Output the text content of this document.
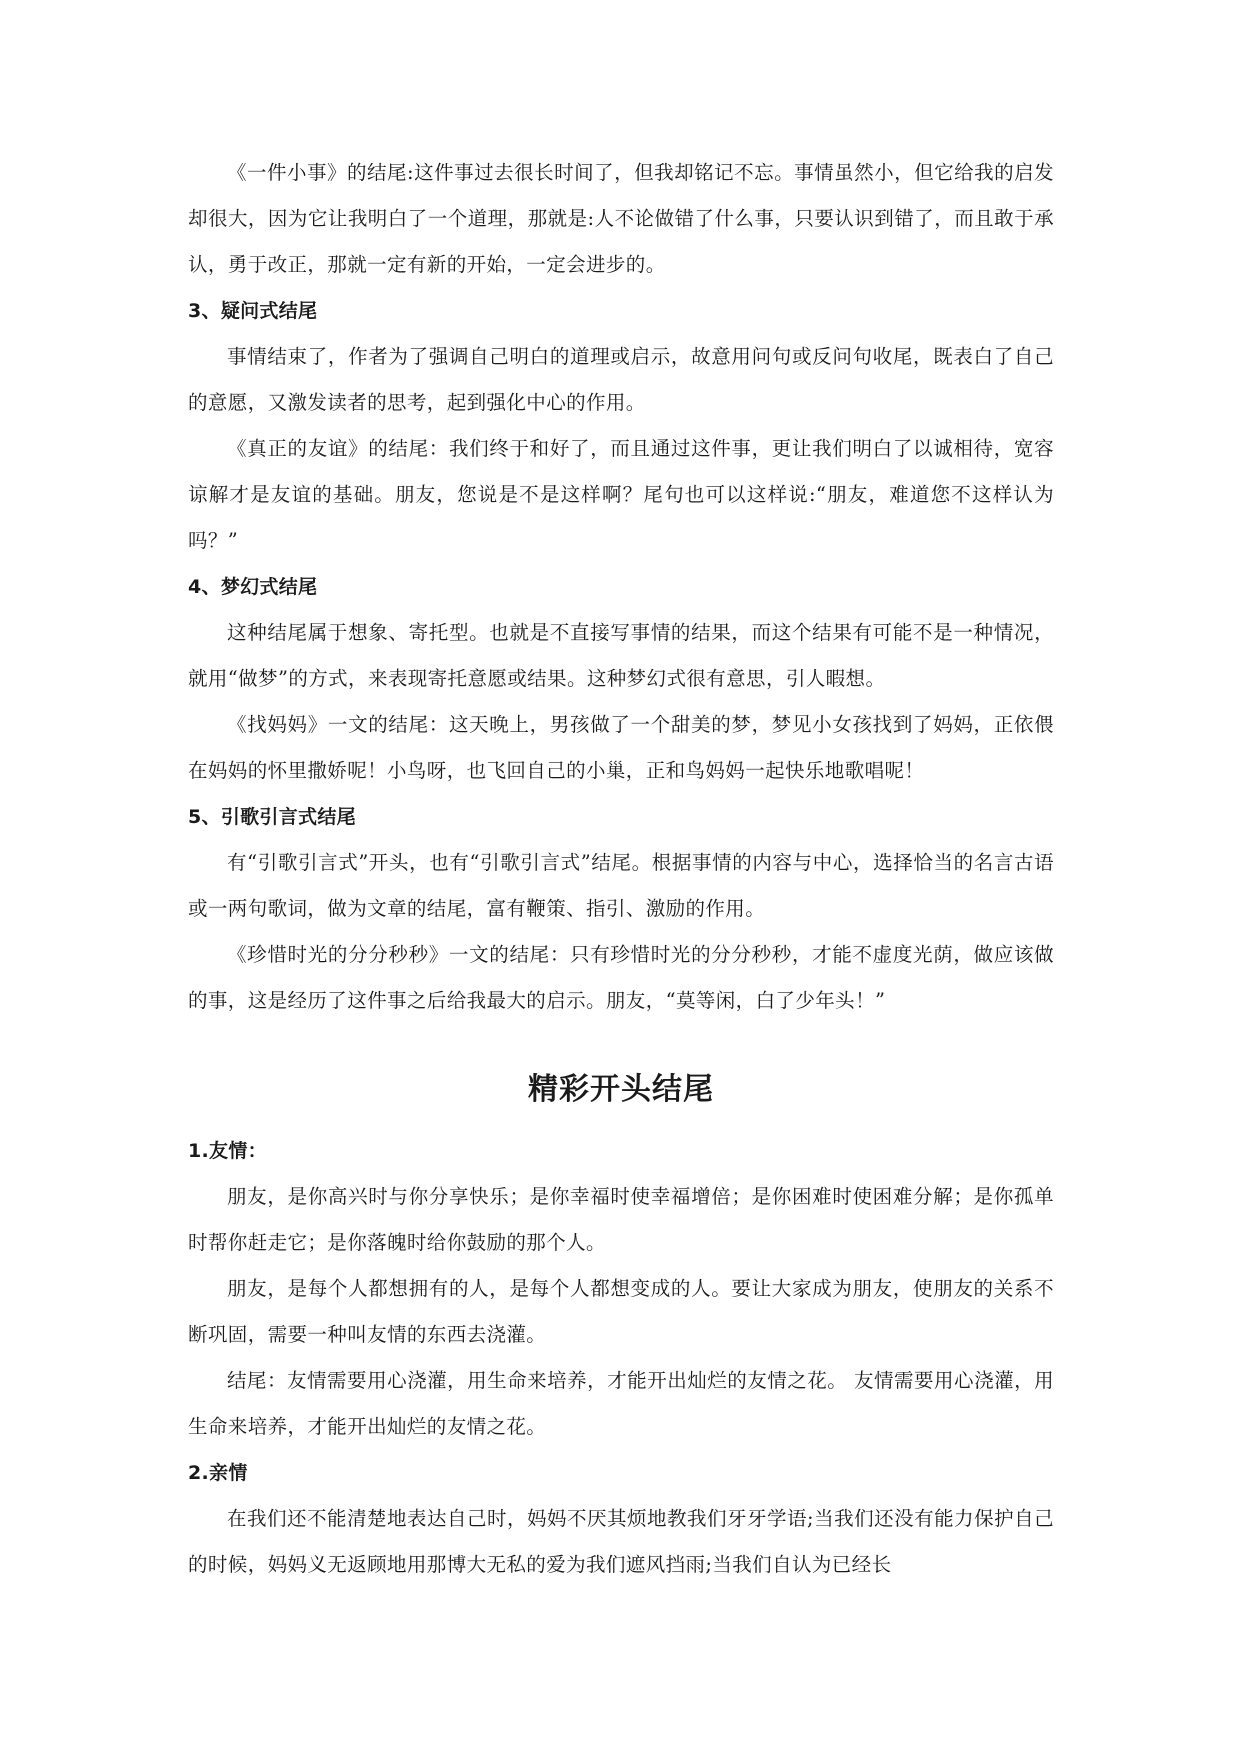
《一件小事》的结尾:这件事过去很长时间了，但我却铭记不忘。事情虽然小，但它给我的启发却很大，因为它让我明白了一个道理，那就是:人不论做错了什么事，只要认识到错了，而且敢于承认，勇于改正，那就一定有新的开始，一定会进步的。

3、疑问式结尾

事情结束了，作者为了强调自己明白的道理或启示，故意用问句或反问句收尾，既表白了自己的意愿，又激发读者的思考，起到强化中心的作用。

《真正的友谊》的结尾：我们终于和好了，而且通过这件事，更让我们明白了以诚相待，宽容谅解才是友谊的基础。朋友，您说是不是这样啊？尾句也可以这样说:“朋友，难道您不这样认为吗？”

4、梦幻式结尾

这种结尾属于想象、寄托型。也就是不直接写事情的结果，而这个结果有可能不是一种情况，就用“做梦”的方式，来表现寄托意愿或结果。这种梦幻式很有意思，引人暇想。

《找妈妈》一文的结尾：这天晚上，男孩做了一个甜美的梦，梦见小女孩找到了妈妈，正依偎在妈妈的怀里撒娇呢！小鸟呀，也飞回自己的小巢，正和鸟妈妈一起快乐地歌唱呢！

5、引歌引言式结尾

有“引歌引言式”开头，也有“引歌引言式”结尾。根据事情的内容与中心，选择恰当的名言古语或一两句歌词，做为文章的结尾，富有鞭策、指引、激励的作用。

《珍惜时光的分分秒秒》一文的结尾：只有珍惜时光的分分秒秒，才能不虚度光荫，做应该做的事，这是经历了这件事之后给我最大的启示。朋友，“莫等闲，白了少年头！”

精彩开头结尾
1.友情：

朋友，是你高兴时与你分享快乐；是你幸福时使幸福增倍；是你困难时使困难分解；是你孤单时帮你赶走它；是你落魄时给你鼓励的那个人。

朋友，是每个人都想拥有的人，是每个人都想变成的人。要让大家成为朋友，使朋友的关系不断巩固，需要一种叫友情的东西去浇灌。

结尾：友情需要用心浇灌，用生命来培养，才能开出灿烂的友情之花。 友情需要用心浇灌，用生命来培养，才能开出灿烂的友情之花。

2.亲情

在我们还不能清楚地表达自己时，妈妈不厌其烦地教我们牙牙学语;当我们还没有能力保护自己的时候，妈妈义无返顾地用那博大无私的爱为我们遮风挡雨;当我们自认为已经长
